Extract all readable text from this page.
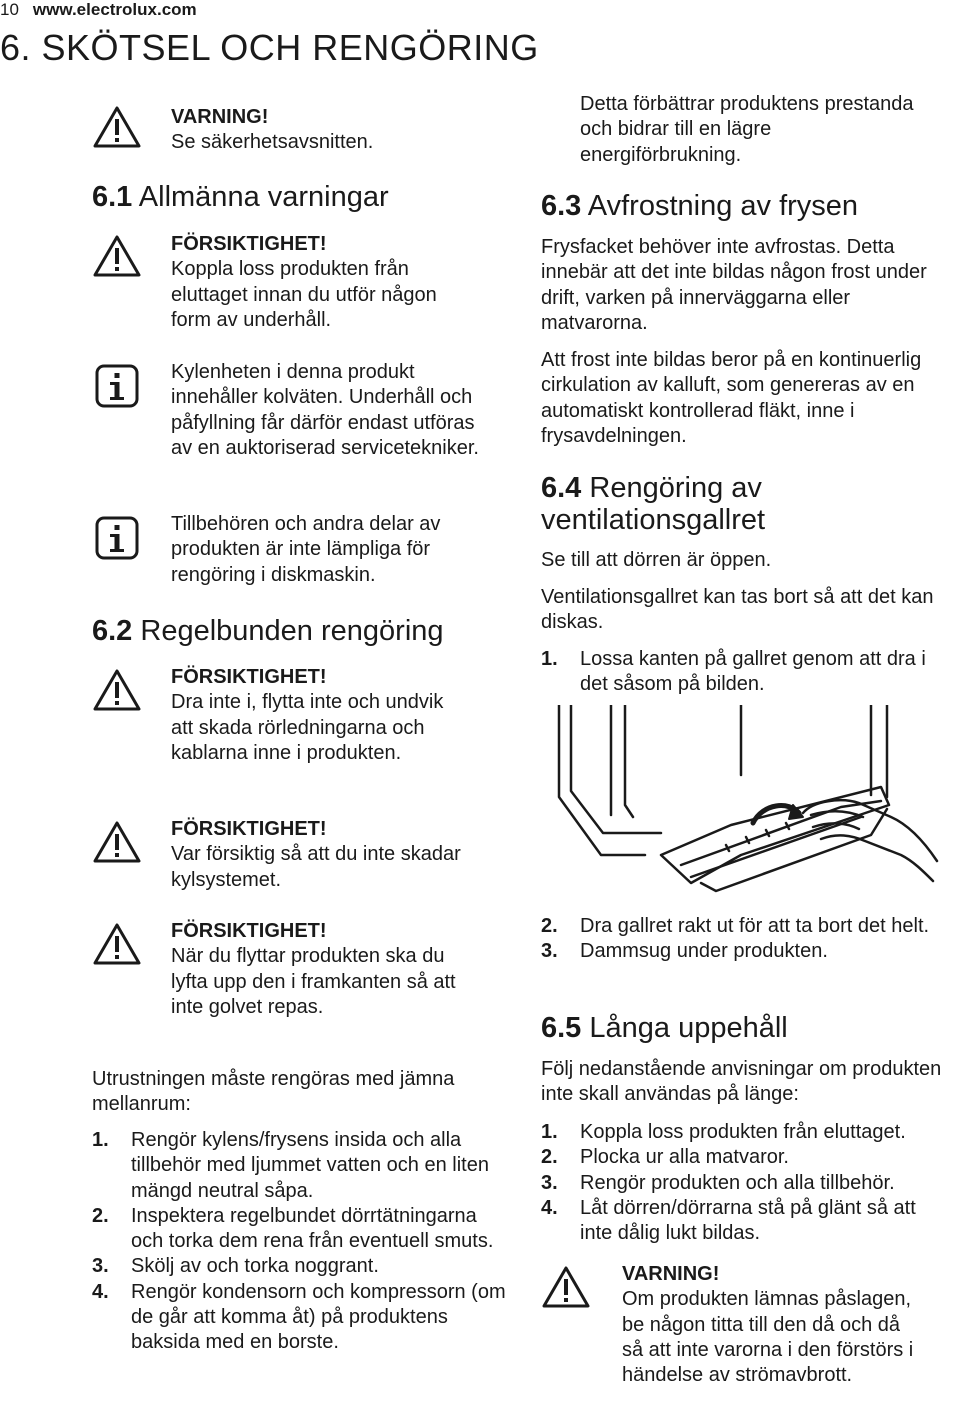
10 www.electrolux.com
6. SKÖTSEL OCH RENGÖRING
VARNING!
Se säkerhetsavsnitten.
6.1 Allmänna varningar
FÖRSIKTIGHET!
Koppla loss produkten från eluttaget innan du utför någon form av underhåll.
Kylenheten i denna produkt innehåller kolväten. Underhåll och påfyllning får därför endast utföras av en auktoriserad servicetekniker.
Tillbehören och andra delar av produkten är inte lämpliga för rengöring i diskmaskin.
6.2 Regelbunden rengöring
FÖRSIKTIGHET!
Dra inte i, flytta inte och undvik att skada rörledningarna och kablarna inne i produkten.
FÖRSIKTIGHET!
Var försiktig så att du inte skadar kylsystemet.
FÖRSIKTIGHET!
När du flyttar produkten ska du lyfta upp den i framkanten så att inte golvet repas.
Utrustningen måste rengöras med jämna mellanrum:
1.	Rengör kylens/frysens insida och alla tillbehör med ljummet vatten och en liten mängd neutral såpa.
2.	Inspektera regelbundet dörrtätningarna och torka dem rena från eventuell smuts.
3.	Skölj av och torka noggrant.
4.	Rengör kondensorn och kompressorn (om de går att komma åt) på produktens baksida med en borste.
Detta förbättrar produktens prestanda och bidrar till en lägre energiförbrukning.
6.3 Avfrostning av frysen
Frysfacket behöver inte avfrostas. Detta innebär att det inte bildas någon frost under drift, varken på innerväggarna eller matvarorna.
Att frost inte bildas beror på en kontinuerlig cirkulation av kalluft, som genereras av en automatiskt kontrollerad fläkt, inne i frysavdelningen.
6.4 Rengöring av
ventilationsgallret
Se till att dörren är öppen.
Ventilationsgallret kan tas bort så att det kan diskas.
1.	Lossa kanten på gallret genom att dra i det såsom på bilden.
2.	Dra gallret rakt ut för att ta bort det helt.
3.	Dammsug under produkten.
6.5 Långa uppehåll
Följ nedanstående anvisningar om produkten inte skall användas på länge:
1.	Koppla loss produkten från eluttaget.
2.	Plocka ur alla matvaror.
3.	Rengör produkten och alla tillbehör.
4.	Låt dörren/dörrarna stå på glänt så att inte dålig lukt bildas.
VARNING!
Om produkten lämnas påslagen, be någon titta till den då och då så att inte varorna i den förstörs i händelse av strömavbrott.
